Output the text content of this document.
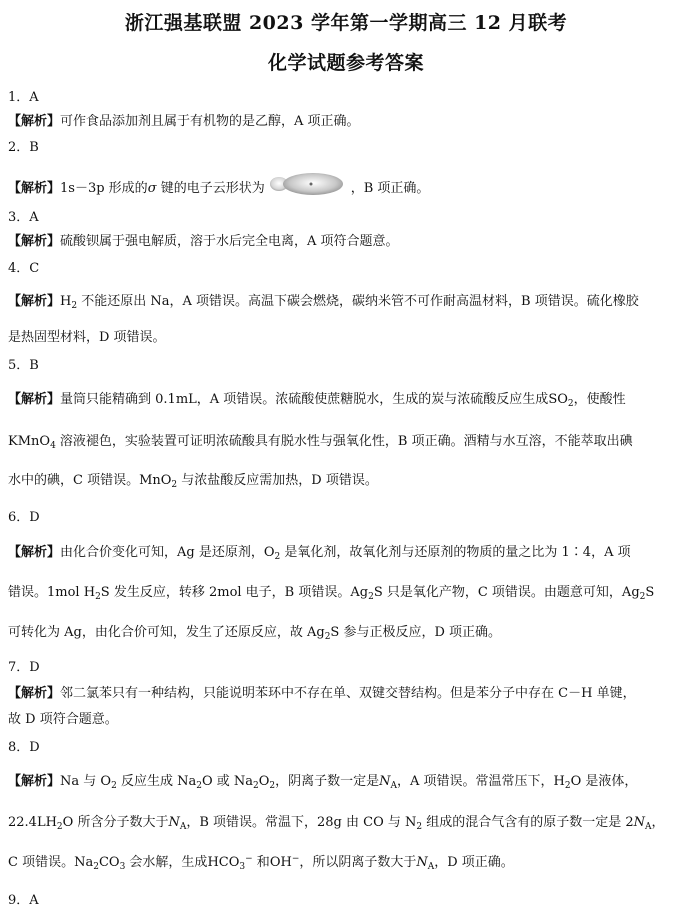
浙江强基联盟 2023 学年第一学期高三 12 月联考
化学试题参考答案
1．A
【解析】可作食品添加剂且属于有机物的是乙醇，A 项正确。
2．B
【解析】1s－3p 形成的σ 键的电子云形状为	，B 项正确。
3．A
【解析】硫酸钡属于强电解质，溶于水后完全电离，A 项符合题意。
4．C
【解析】$H_2$ 不能还原出 Na，A 项错误。高温下碳会燃烧，碳纳米管不可作耐高温材料，B 项错误。硫化橡胶
是热固型材料，D 项错误。
5．B
【解析】量筒只能精确到 0.1mL，A 项错误。浓硫酸使蔗糖脱水，生成的炭与浓硫酸反应生成$SO_2$，使酸性
KMnO$_4$ 溶液褪色，实验装置可证明浓硫酸具有脱水性与强氧化性，B 项正确。酒精与水互溶，不能萃取出碘
水中的碘，C 项错误。MnO$_2$ 与浓盐酸反应需加热，D 项错误。
6．D
【解析】由化合价变化可知，Ag 是还原剂，$O_2$ 是氧化剂，故氧化剂与还原剂的物质的量之比为 1∶4，A 项
错误。1mol $H_2S$ 发生反应，转移 2mol 电子，B 项错误。$Ag_2S$ 只是氧化产物，C 项错误。由题意可知，$Ag_2S$
可转化为 Ag，由化合价可知，发生了还原反应，故 $Ag_2S$ 参与正极反应，D 项正确。
7．D
【解析】邻二氯苯只有一种结构，只能说明苯环中不存在单、双键交替结构。但是苯分子中存在 C－H 单键，
故 D 项符合题意。
8．D
【解析】Na 与 $O_2$ 反应生成 $Na_2O$ 或 $Na_2O_2$，阴离子数一定是$N_A$，A 项错误。常温常压下，$H_2O$ 是液体，
$22.4LH_2O$ 所含分子数大于$N_A$，B 项错误。常温下，28g 由 CO 与 $N_2$ 组成的混合气含有的原子数一定是 $2N_A$，
C 项错误。$Na_2CO_3$ 会水解，生成$HCO_3^-$ 和OH−，所以阴离子数大于$N_A$，D 项正确。
9．A
